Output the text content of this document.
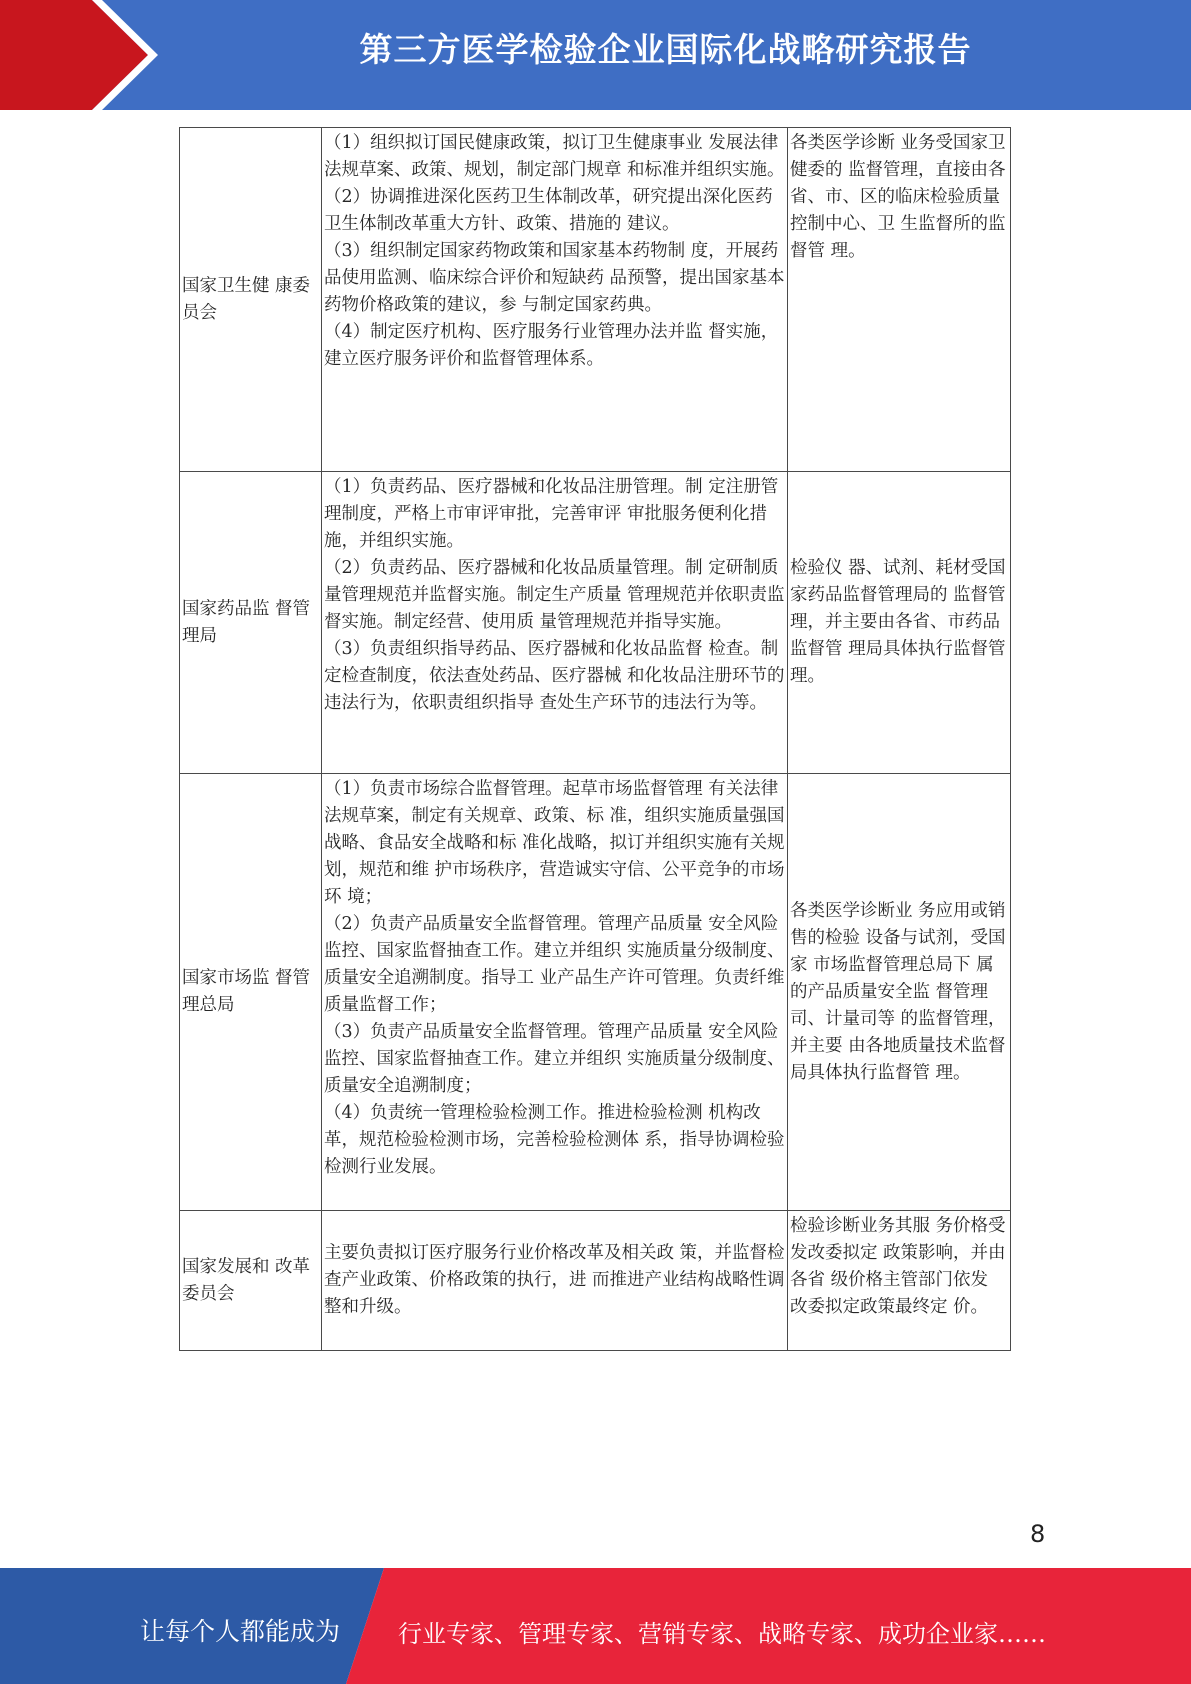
第三方医学检验企业国际化战略研究报告
国家卫生健 康委员会	（1）组织拟订国民健康政策，拟订卫生健康事业 发展法律法规草案、政策、规划，制定部门规章 和标准并组织实施。
（2）协调推进深化医药卫生体制改革，研究提出深化医药卫生体制改革重大方针、政策、措施的 建议。
（3）组织制定国家药物政策和国家基本药物制 度，开展药品使用监测、临床综合评价和短缺药 品预警，提出国家基本药物价格政策的建议，参 与制定国家药典。
（4）制定医疗机构、医疗服务行业管理办法并监 督实施，建立医疗服务评价和监督管理体系。	各类医学诊断 业务受国家卫健委的 监督管理，直接由各 省、市、区的临床检验质量控制中心、卫 生监督所的监督管 理。
国家药品监 督管理局	（1）负责药品、医疗器械和化妆品注册管理。制 定注册管理制度，严格上市审评审批，完善审评 审批服务便利化措施，并组织实施。
（2）负责药品、医疗器械和化妆品质量管理。制 定研制质量管理规范并监督实施。制定生产质量 管理规范并依职责监督实施。制定经营、使用质 量管理规范并指导实施。
（3）负责组织指导药品、医疗器械和化妆品监督 检查。制定检查制度，依法查处药品、医疗器械 和化妆品注册环节的违法行为，依职责组织指导 查处生产环节的违法行为等。	检验仪 器、试剂、耗材受国 家药品监督管理局的 监督管理，并主要由各省、市药品监督管 理局具体执行监督管 理。
国家市场监 督管理总局	（1）负责市场综合监督管理。起草市场监督管理 有关法律法规草案，制定有关规章、政策、标 准，组织实施质量强国战略、食品安全战略和标 准化战略，拟订并组织实施有关规划，规范和维 护市场秩序，营造诚实守信、公平竞争的市场环 境；
（2）负责产品质量安全监督管理。管理产品质量 安全风险监控、国家监督抽查工作。建立并组织 实施质量分级制度、质量安全追溯制度。指导工 业产品生产许可管理。负责纤维质量监督工作；
（3）负责产品质量安全监督管理。管理产品质量 安全风险监控、国家监督抽查工作。建立并组织 实施质量分级制度、质量安全追溯制度；
（4）负责统一管理检验检测工作。推进检验检测 机构改革，规范检验检测市场，完善检验检测体 系，指导协调检验检测行业发展。	各类医学诊断业 务应用或销售的检验 设备与试剂，受国家 市场监督管理总局下 属的产品质量安全监 督管理司、计量司等 的监督管理，并主要 由各地质量技术监督局具体执行监督管 理。
国家发展和 改革委员会	主要负责拟订医疗服务行业价格改革及相关政 策，并监督检查产业政策、价格政策的执行，进 而推进产业结构战略性调整和升级。	检验诊断业务其服 务价格受发改委拟定 政策影响，并由各省 级价格主管部门依发 改委拟定政策最终定 价。
8
让每个人都能成为 行业专家、管理专家、营销专家、战略专家、成功企业家……
